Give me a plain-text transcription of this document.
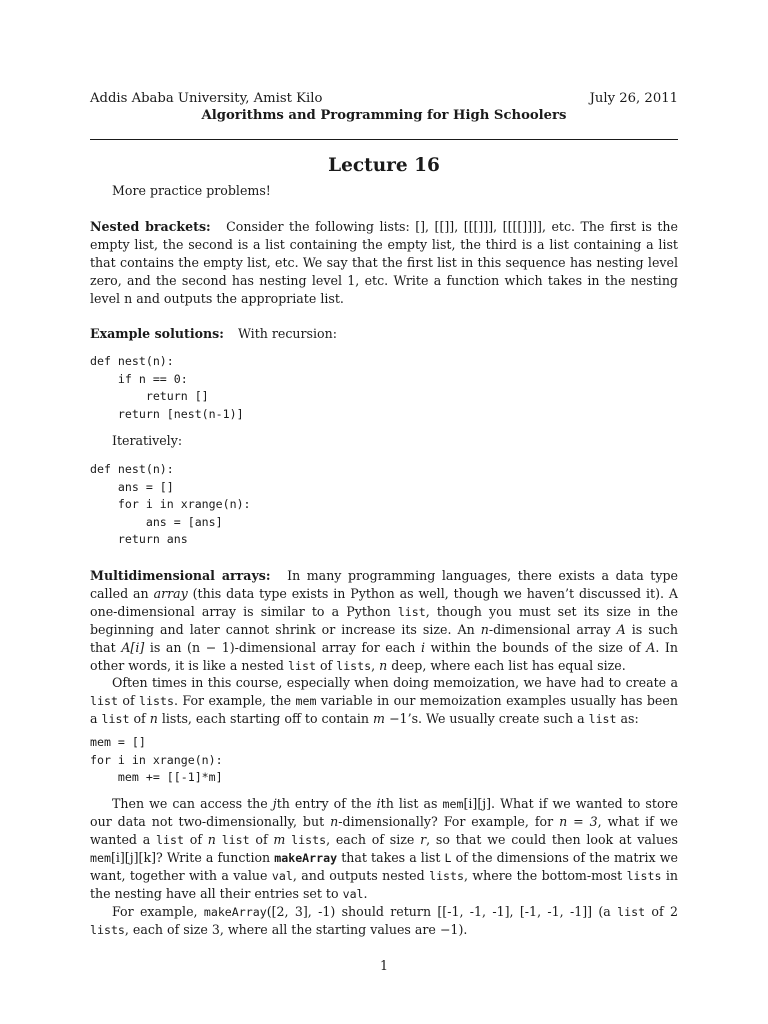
Addis Ababa University, Amist Kilo	July 26, 2011
Algorithms and Programming for High Schoolers
Lecture 16
More practice problems!

Nested brackets: Consider the following lists: [], [[]], [[[]]], [[[[]]]], etc. The first is the empty list, the second is a list containing the empty list, the third is a list containing a list that contains the empty list, etc. We say that the first list in this sequence has nesting level zero, and the second has nesting level 1, etc. Write a function which takes in the nesting level n and outputs the appropriate list.

Example solutions: With recursion:

def nest(n):
if n == 0:
return []
return [nest(n-1)]
Iteratively:
def nest(n):
ans = []
for i in xrange(n):
ans = [ans]
return ans

Multidimensional arrays: In many programming languages, there exists a data type called an array (this data type exists in Python as well, though we haven’t discussed it). A one-dimensional array is similar to a Python list, though you must set its size in the beginning and later cannot shrink or increase its size. An n-dimensional array A is such that A[i] is an (n − 1)-dimensional array for each i within the bounds of the size of A. In other words, it is like a nested list of lists, n deep, where each list has equal size.

Often times in this course, especially when doing memoization, we have had to create a list of lists. For example, the mem variable in our memoization examples usually has been a list of n lists, each starting off to contain m −1’s. We usually create such a list as:

mem = []
for i in xrange(n):
mem += [[-1]*m]

Then we can access the jth entry of the ith list as mem[i][j]. What if we wanted to store our data not two-dimensionally, but n-dimensionally? For example, for n = 3, what if we wanted a list of n list of m lists, each of size r, so that we could then look at values mem[i][j][k]? Write a function makeArray that takes a list L of the dimensions of the matrix we want, together with a value val, and outputs nested lists, where the bottom-most lists in the nesting have all their entries set to val.

For example, makeArray([2, 3], -1) should return [[-1, -1, -1], [-1, -1, -1]] (a list of 2 lists, each of size 3, where all the starting values are −1).

1
